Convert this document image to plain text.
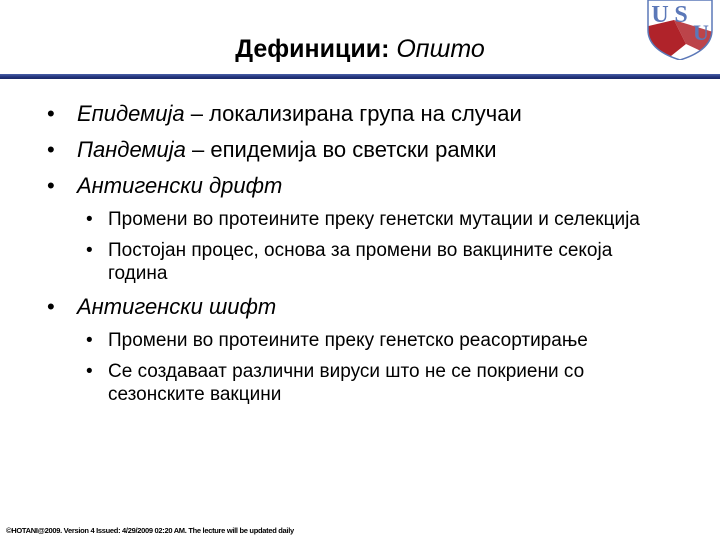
Дефиниции: Општо
U S
U
• Епидемија – локализирана група на случаи
• Пандемија – епидемија во светски рамки
• Антигенски дрифт
• Промени во протеините преку генетски мутации и селекција
• Постојан процес, основа за промени во вакцините секоја година
• Антигенски шифт
• Промени во протеините преку генетско реасортирање
• Се создаваат различни вируси што не се покриени со сезонските вакцини
©HOTANI@2009. Version 4 Issued: 4/29/2009 02:20 AM. The lecture will be updated daily
